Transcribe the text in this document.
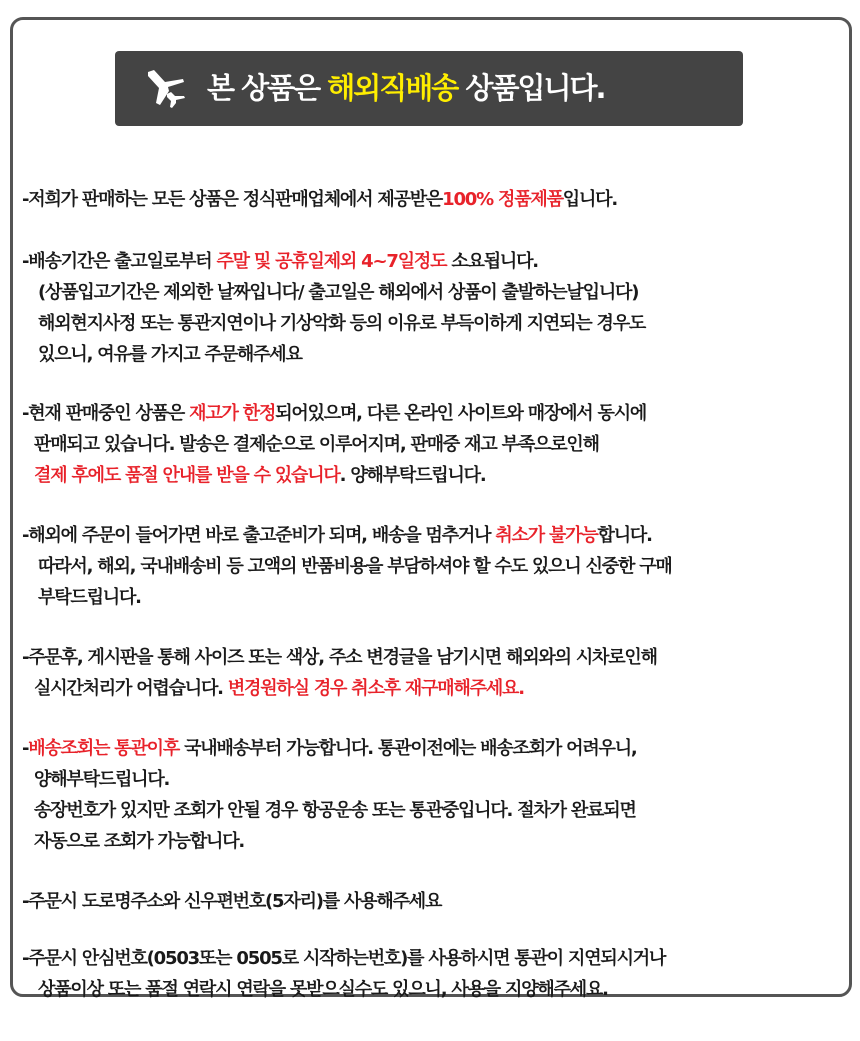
본 상품은 해외직배송 상품입니다.
-저희가 판매하는 모든 상품은 정식판매업체에서 제공받은100% 정품제품입니다.
-배송기간은 출고일로부터 주말 및 공휴일제외 4~7일정도 소요됩니다.
(상품입고기간은 제외한 날짜입니다/ 출고일은 해외에서 상품이 출발하는날입니다)
해외현지사정 또는 통관지연이나 기상악화 등의 이유로 부득이하게 지연되는 경우도
있으니, 여유를 가지고 주문해주세요
-현재 판매중인 상품은 재고가 한정되어있으며, 다른 온라인 사이트와 매장에서 동시에
판매되고 있습니다. 발송은 결제순으로 이루어지며, 판매중 재고 부족으로인해
결제 후에도 품절 안내를 받을 수 있습니다. 양해부탁드립니다.
-해외에 주문이 들어가면 바로 출고준비가 되며, 배송을 멈추거나 취소가 불가능합니다.
따라서, 해외, 국내배송비 등 고액의 반품비용을 부담하셔야 할 수도 있으니 신중한 구매
부탁드립니다.
-주문후, 게시판을 통해 사이즈 또는 색상, 주소 변경글을 남기시면 해외와의 시차로인해
실시간처리가 어렵습니다. 변경원하실 경우 취소후 재구매해주세요.
-배송조회는 통관이후 국내배송부터 가능합니다. 통관이전에는 배송조회가 어려우니,
양해부탁드립니다.
송장번호가 있지만 조회가 안될 경우 항공운송 또는 통관중입니다. 절차가 완료되면
자동으로 조회가 가능합니다.
-주문시 도로명주소와 신우편번호(5자리)를 사용해주세요
-주문시 안심번호(0503또는 0505로 시작하는번호)를 사용하시면 통관이 지연되시거나
상품이상 또는 품절 연락시 연락을 못받으실수도 있으니, 사용을 지양해주세요.
